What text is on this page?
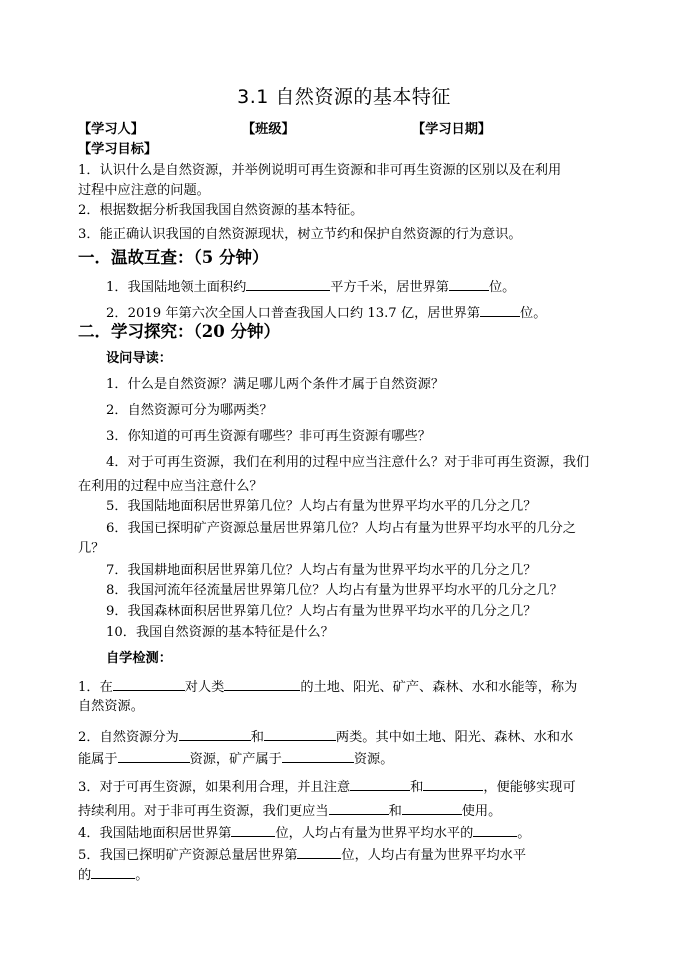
3.1 自然资源的基本特征
【学习人】	【班级】	【学习日期】
【学习目标】
1．认识什么是自然资源，并举例说明可再生资源和非可再生资源的区别以及在利用
过程中应注意的问题。
2．根据数据分析我国我国自然资源的基本特征。
3．能正确认识我国的自然资源现状，树立节约和保护自然资源的行为意识。
一．温故互查：（5 分钟）
1．我国陆地领土面积约	平方千米，居世界第	位。
2．2019 年第六次全国人口普查我国人口约 13.7 亿，居世界第	位。
二．学习探究：（20 分钟）
设问导读：
1．什么是自然资源？满足哪儿两个条件才属于自然资源？
2．自然资源可分为哪两类？
3．你知道的可再生资源有哪些？非可再生资源有哪些？
4．对于可再生资源，我们在利用的过程中应当注意什么？对于非可再生资源，我们
在利用的过程中应当注意什么？
5．我国陆地面积居世界第几位？人均占有量为世界平均水平的几分之几？
6．我国已探明矿产资源总量居世界第几位？人均占有量为世界平均水平的几分之
几？
7．我国耕地面积居世界第几位？人均占有量为世界平均水平的几分之几？
8．我国河流年径流量居世界第几位？人均占有量为世界平均水平的几分之几？
9．我国森林面积居世界第几位？人均占有量为世界平均水平的几分之几？
10．我国自然资源的基本特征是什么？
自学检测：
1．在	对人类	的土地、阳光、矿产、森林、水和水能等，称为
自然资源。
2．自然资源分为	和	两类。其中如土地、阳光、森林、水和水
能属于	资源，矿产属于	资源。
3．对于可再生资源，如果利用合理，并且注意	和	，便能够实现可
持续利用。对于非可再生资源，我们更应当	和	使用。
4．我国陆地面积居世界第	位，人均占有量为世界平均水平的	。
5．我国已探明矿产资源总量居世界第	位，人均占有量为世界平均水平
的	。
